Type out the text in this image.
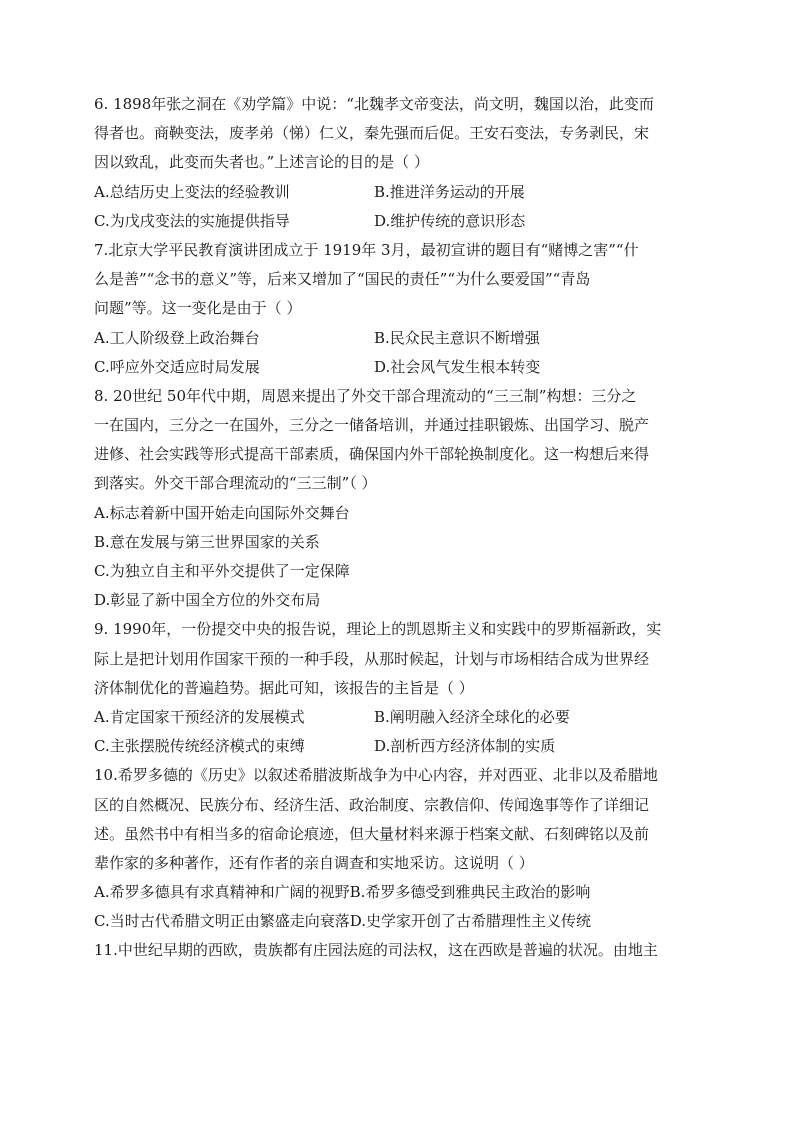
6. 1898年张之洞在《劝学篇》中说：“北魏孝文帝变法，尚文明，魏国以治，此变而
得者也。商鞅变法，废孝弟（悌）仁义，秦先强而后促。王安石变法，专务剥民，宋
因以致乱，此变而失者也。”上述言论的目的是（ ）
A.总结历史上变法的经验教训	B.推进洋务运动的开展
C.为戊戌变法的实施提供指导	D.维护传统的意识形态
7.北京大学平民教育演讲团成立于 1919年 3月，最初宣讲的题目有“赌博之害”“什
么是善”“念书的意义”等，后来又增加了“国民的责任”“为什么要爱国”“青岛
问题”等。这一变化是由于（ ）
A.工人阶级登上政治舞台	B.民众民主意识不断增强
C.呼应外交适应时局发展	D.社会风气发生根本转变
8. 20世纪 50年代中期，周恩来提出了外交干部合理流动的“三三制”构想：三分之
一在国内，三分之一在国外，三分之一储备培训，并通过挂职锻炼、出国学习、脱产
进修、社会实践等形式提高干部素质，确保国内外干部轮换制度化。这一构想后来得
到落实。外交干部合理流动的“三三制”（ ）
A.标志着新中国开始走向国际外交舞台
B.意在发展与第三世界国家的关系
C.为独立自主和平外交提供了一定保障
D.彰显了新中国全方位的外交布局
9. 1990年，一份提交中央的报告说，理论上的凯恩斯主义和实践中的罗斯福新政，实
际上是把计划用作国家干预的一种手段，从那时候起，计划与市场相结合成为世界经
济体制优化的普遍趋势。据此可知，该报告的主旨是（ ）
A.肯定国家干预经济的发展模式	B.阐明融入经济全球化的必要
C.主张摆脱传统经济模式的束缚	D.剖析西方经济体制的实质
10.希罗多德的《历史》以叙述希腊波斯战争为中心内容，并对西亚、北非以及希腊地
区的自然概况、民族分布、经济生活、政治制度、宗教信仰、传闻逸事等作了详细记
述。虽然书中有相当多的宿命论痕迹，但大量材料来源于档案文献、石刻碑铭以及前
辈作家的多种著作，还有作者的亲自调查和实地采访。这说明（ ）
A.希罗多德具有求真精神和广阔的视野 B.希罗多德受到雅典民主政治的影响
C.当时古代希腊文明正由繁盛走向衰落 D.史学家开创了古希腊理性主义传统
11.中世纪早期的西欧，贵族都有庄园法庭的司法权，这在西欧是普遍的状况。由地主
